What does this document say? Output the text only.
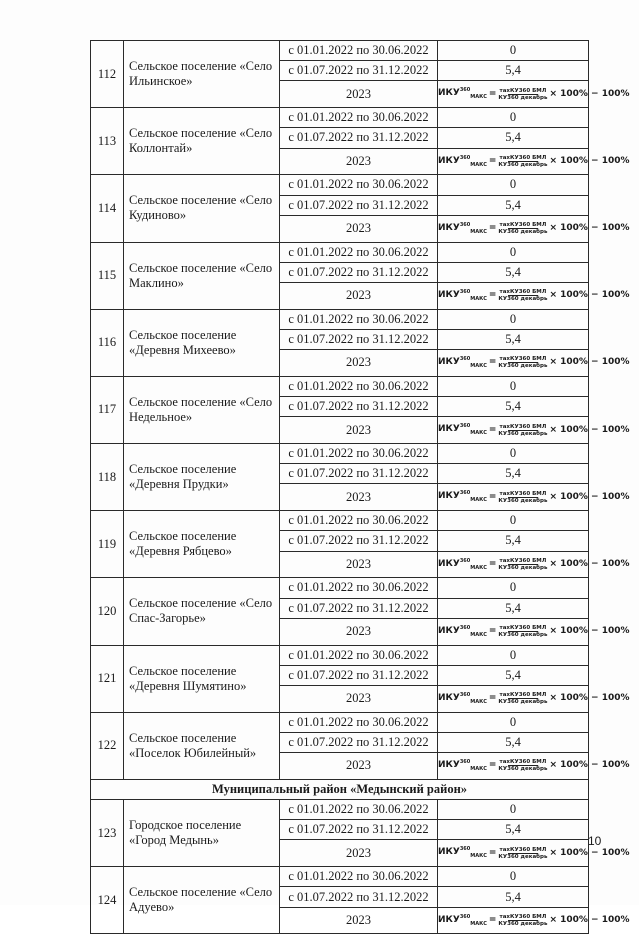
112	Сельское поселение «Село Ильинское»	с 01.01.2022 по 30.06.2022	0
		с 01.07.2022 по 31.12.2022	5,4
		2023	$ИКУ^{360}_{МАКС} = \frac{\text{тахКУ360 БМЛ}}{\text{КУ360 декабрь}} \times 100\% - 100\%$

113	Сельское поселение «Село Коллонтай»	с 01.01.2022 по 30.06.2022	0
		с 01.07.2022 по 31.12.2022	5,4
		2023	$ИКУ^{360}_{МАКС} = \frac{\text{тахКУ360 БМЛ}}{\text{КУ360 декабрь}} \times 100\% - 100\%$

114	Сельское поселение «Село Кудиново»	с 01.01.2022 по 30.06.2022	0
		с 01.07.2022 по 31.12.2022	5,4
		2023	$ИКУ^{360}_{МАКС} = \frac{\text{тахКУ360 БМЛ}}{\text{КУ360 декабрь}} \times 100\% - 100\%$

115	Сельское поселение «Село Маклино»	с 01.01.2022 по 30.06.2022	0
		с 01.07.2022 по 31.12.2022	5,4
		2023	$ИКУ^{360}_{МАКС} = \frac{\text{тахКУ360 БМЛ}}{\text{КУ360 декабрь}} \times 100\% - 100\%$

116	Сельское поселение «Деревня Михеево»	с 01.01.2022 по 30.06.2022	0
		с 01.07.2022 по 31.12.2022	5,4
		2023	$ИКУ^{360}_{МАКС} = \frac{\text{тахКУ360 БМЛ}}{\text{КУ360 декабрь}} \times 100\% - 100\%$

117	Сельское поселение «Село Недельное»	с 01.01.2022 по 30.06.2022	0
		с 01.07.2022 по 31.12.2022	5,4
		2023	$ИКУ^{360}_{МАКС} = \frac{\text{тахКУ360 БМЛ}}{\text{КУ360 декабрь}} \times 100\% - 100\%$

118	Сельское поселение «Деревня Прудки»	с 01.01.2022 по 30.06.2022	0
		с 01.07.2022 по 31.12.2022	5,4
		2023	$ИКУ^{360}_{МАКС} = \frac{\text{тахКУ360 БМЛ}}{\text{КУ360 декабрь}} \times 100\% - 100\%$

119	Сельское поселение «Деревня Рябцево»	с 01.01.2022 по 30.06.2022	0
		с 01.07.2022 по 31.12.2022	5,4
		2023	$ИКУ^{360}_{МАКС} = \frac{\text{тахКУ360 БМЛ}}{\text{КУ360 декабрь}} \times 100\% - 100\%$

120	Сельское поселение «Село Спас-Загорье»	с 01.01.2022 по 30.06.2022	0
		с 01.07.2022 по 31.12.2022	5,4
		2023	$ИКУ^{360}_{МАКС} = \frac{\text{тахКУ360 БМЛ}}{\text{КУ360 декабрь}} \times 100\% - 100\%$

121	Сельское поселение «Деревня Шумятино»	с 01.01.2022 по 30.06.2022	0
		с 01.07.2022 по 31.12.2022	5,4
		2023	$ИКУ^{360}_{МАКС} = \frac{\text{тахКУ360 БМЛ}}{\text{КУ360 декабрь}} \times 100\% - 100\%$

122	Сельское поселение «Поселок Юбилейный»	с 01.01.2022 по 30.06.2022	0
		с 01.07.2022 по 31.12.2022	5,4
		2023	$ИКУ^{360}_{МАКС} = \frac{\text{тахКУ360 БМЛ}}{\text{КУ360 декабрь}} \times 100\% - 100\%$

Муниципальный район «Медынский район»			
123	Городское поселение «Город Медынь»	с 01.01.2022 по 30.06.2022	0
		с 01.07.2022 по 31.12.2022	5,4
		2023	$ИКУ^{360}_{МАКС} = \frac{\text{тахКУ360 БМЛ}}{\text{КУ360 декабрь}} \times 100\% - 100\%$

124	Сельское поселение «Село Адуево»	с 01.01.2022 по 30.06.2022	0
		с 01.07.2022 по 31.12.2022	5,4
		2023	$ИКУ^{360}_{МАКС} = \frac{\text{тахКУ360 БМЛ}}{\text{КУ360 декабрь}} \times 100\% - 100\%$
10
